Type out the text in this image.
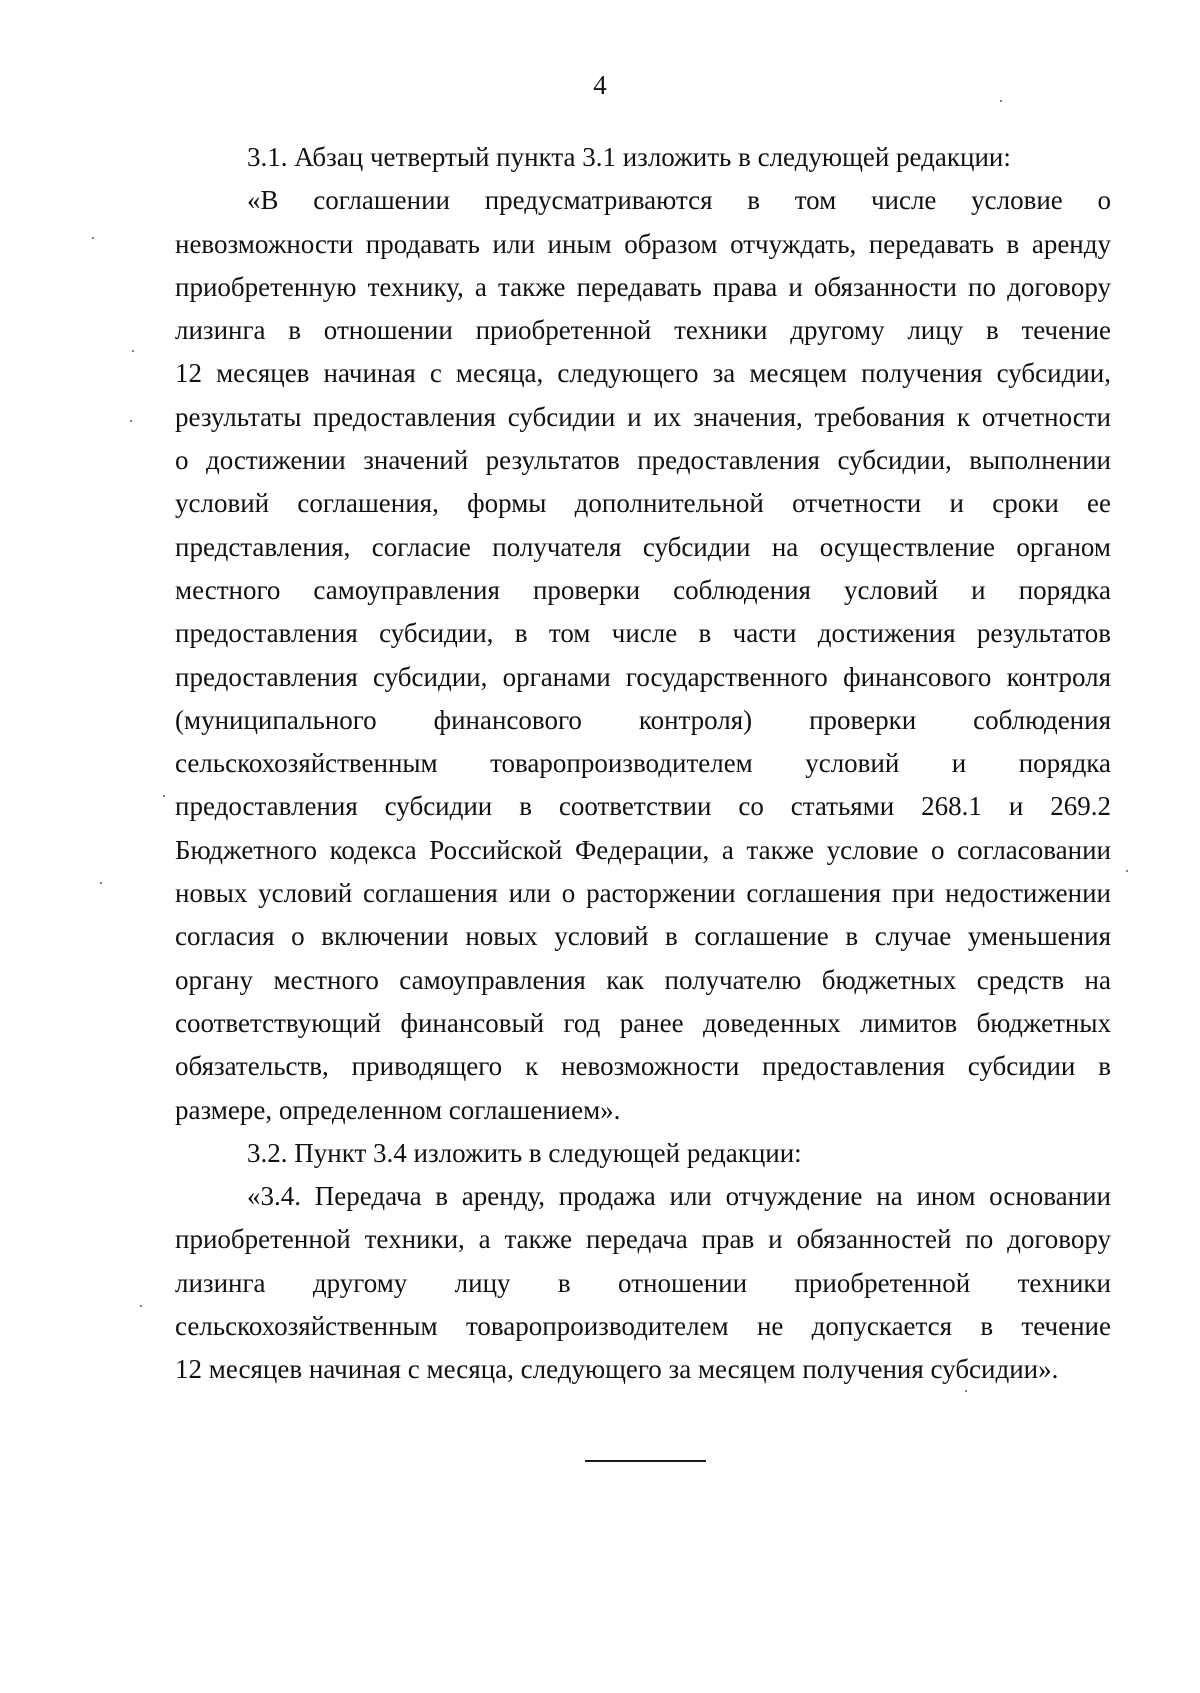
4
3.1. Абзац четвертый пункта 3.1 изложить в следующей редакции:
«В соглашении предусматриваются в том числе условие о
невозможности продавать или иным образом отчуждать, передавать в аренду
приобретенную технику, а также передавать права и обязанности по договору
лизинга в отношении приобретенной техники другому лицу в течение
12 месяцев начиная с месяца, следующего за месяцем получения субсидии,
результаты предоставления субсидии и их значения, требования к отчетности
о достижении значений результатов предоставления субсидии, выполнении
условий соглашения, формы дополнительной отчетности и сроки ее
представления, согласие получателя субсидии на осуществление органом
местного самоуправления проверки соблюдения условий и порядка
предоставления субсидии, в том числе в части достижения результатов
предоставления субсидии, органами государственного финансового контроля
(муниципального финансового контроля) проверки соблюдения
сельскохозяйственным товаропроизводителем условий и порядка
предоставления субсидии в соответствии со статьями 268.1 и 269.2
Бюджетного кодекса Российской Федерации, а также условие о согласовании
новых условий соглашения или о расторжении соглашения при недостижении
согласия о включении новых условий в соглашение в случае уменьшения
органу местного самоуправления как получателю бюджетных средств на
соответствующий финансовый год ранее доведенных лимитов бюджетных
обязательств, приводящего к невозможности предоставления субсидии в
размере, определенном соглашением».
3.2. Пункт 3.4 изложить в следующей редакции:
«3.4. Передача в аренду, продажа или отчуждение на ином основании
приобретенной техники, а также передача прав и обязанностей по договору
лизинга другому лицу в отношении приобретенной техники
сельскохозяйственным товаропроизводителем не допускается в течение
12 месяцев начиная с месяца, следующего за месяцем получения субсидии».
